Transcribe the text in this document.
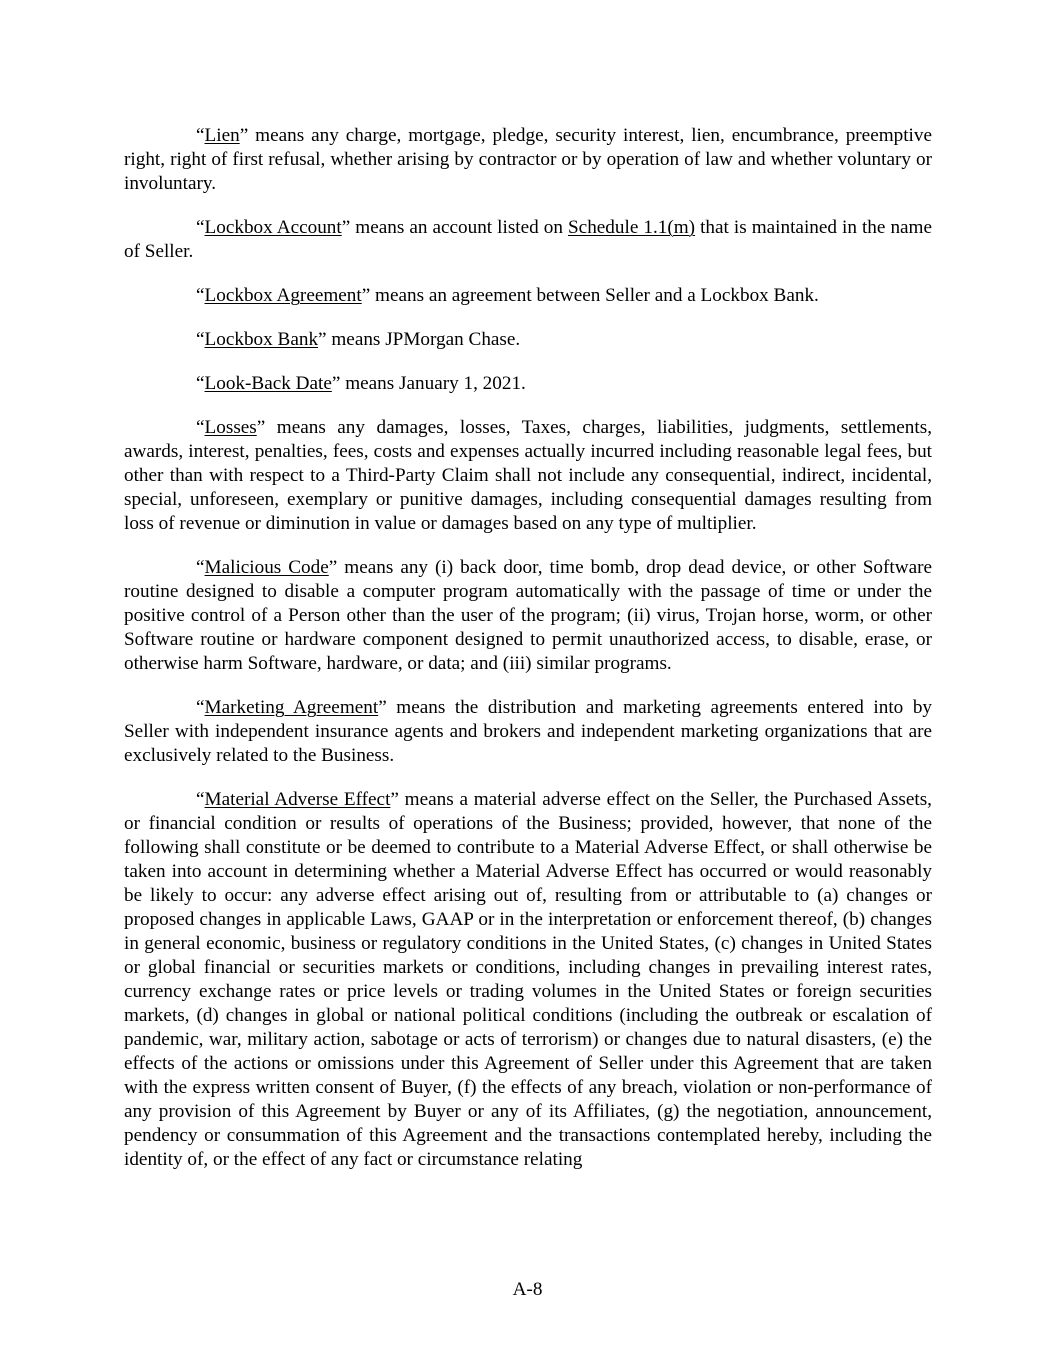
“Lien” means any charge, mortgage, pledge, security interest, lien, encumbrance, preemptive right, right of first refusal, whether arising by contractor or by operation of law and whether voluntary or involuntary.

“Lockbox Account” means an account listed on Schedule 1.1(m) that is maintained in the name of Seller.

“Lockbox Agreement” means an agreement between Seller and a Lockbox Bank.

“Lockbox Bank” means JPMorgan Chase.

“Look-Back Date” means January 1, 2021.

“Losses” means any damages, losses, Taxes, charges, liabilities, judgments, settlements, awards, interest, penalties, fees, costs and expenses actually incurred including reasonable legal fees, but other than with respect to a Third-Party Claim shall not include any consequential, indirect, incidental, special, unforeseen, exemplary or punitive damages, including consequential damages resulting from loss of revenue or diminution in value or damages based on any type of multiplier.

“Malicious Code” means any (i) back door, time bomb, drop dead device, or other Software routine designed to disable a computer program automatically with the passage of time or under the positive control of a Person other than the user of the program; (ii) virus, Trojan horse, worm, or other Software routine or hardware component designed to permit unauthorized access, to disable, erase, or otherwise harm Software, hardware, or data; and (iii) similar programs.

“Marketing Agreement” means the distribution and marketing agreements entered into by Seller with independent insurance agents and brokers and independent marketing organizations that are exclusively related to the Business.

“Material Adverse Effect” means a material adverse effect on the Seller, the Purchased Assets, or financial condition or results of operations of the Business; provided, however, that none of the following shall constitute or be deemed to contribute to a Material Adverse Effect, or shall otherwise be taken into account in determining whether a Material Adverse Effect has occurred or would reasonably be likely to occur: any adverse effect arising out of, resulting from or attributable to (a) changes or proposed changes in applicable Laws, GAAP or in the interpretation or enforcement thereof, (b) changes in general economic, business or regulatory conditions in the United States, (c) changes in United States or global financial or securities markets or conditions, including changes in prevailing interest rates, currency exchange rates or price levels or trading volumes in the United States or foreign securities markets, (d) changes in global or national political conditions (including the outbreak or escalation of pandemic, war, military action, sabotage or acts of terrorism) or changes due to natural disasters, (e) the effects of the actions or omissions under this Agreement of Seller under this Agreement that are taken with the express written consent of Buyer, (f) the effects of any breach, violation or non-performance of any provision of this Agreement by Buyer or any of its Affiliates, (g) the negotiation, announcement, pendency or consummation of this Agreement and the transactions contemplated hereby, including the identity of, or the effect of any fact or circumstance relating

A-8
